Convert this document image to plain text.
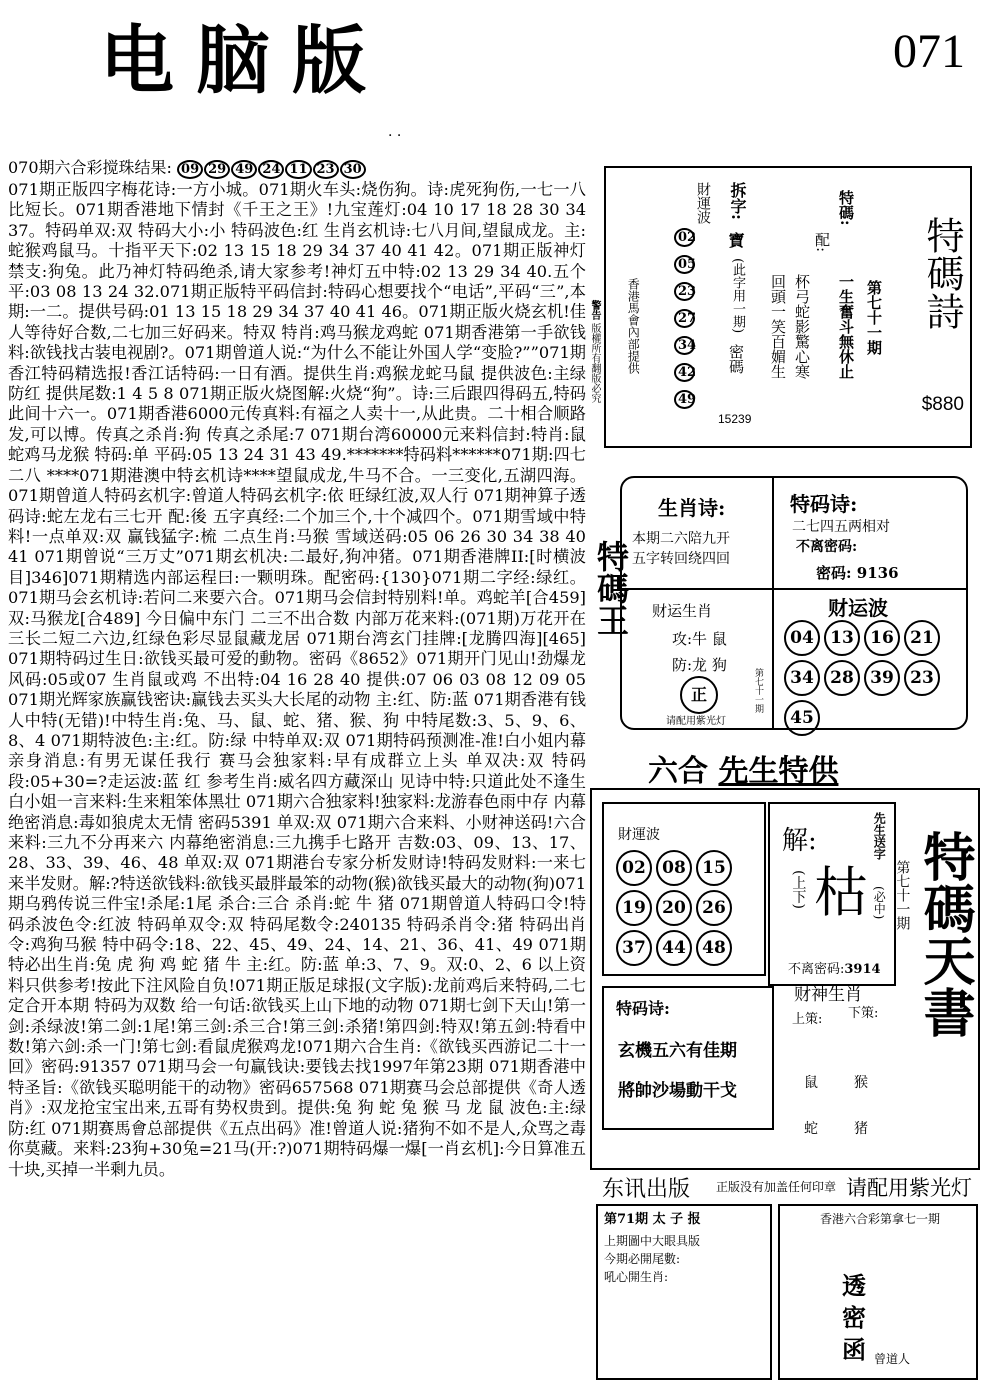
电脑版	071
· ·
070期六合彩搅珠结果: 09 29 49 24 11 23 30

071期正版四字梅花诗:一方小城。071期火车头:烧伤狗。诗:虎死狗伤,一七一八比短长。071期香港地下情封《千王之王》!九宝莲灯:04 10 17 18 28 30 34 37。特码单双:双 特码大小:小 特码波色:红 生肖玄机诗:七八月间,望鼠成龙。主:蛇猴鸡鼠马。十指平天下:02 13 15 18 29 34 37 40 41 42。071期正版神灯禁支:狗兔。此乃神灯特码绝杀,请大家参考!神灯五中特:02 13 29 34 40.五个平:03 08 13 24 32.071期正版特平码信封:特码心想要找个“电话”,平码“三”,本期:一二。提供号码:01 13 15 18 29 34 37 40 41 46。071期正版火烧玄机!佳人等待好合数,二七加三好码来。特双 特肖:鸡马猴龙鸡蛇 071期香港第一手欲钱料:欲钱找古装电视剧?。071期曾道人说:“为什么不能让外国人学“变脸?””071期香江特码精选报!香江话特码:一日有酒。提供生肖:鸡猴龙蛇马鼠 提供波色:主绿防红 提供尾数:1 4 5 8 071期正版火烧图解:火烧“狗”。诗:三后跟四得码五,特码此间十六一。071期香港6000元传真料:有福之人卖十一,从此贵。二十相合顺路发,可以博。传真之杀肖:狗 传真之杀尾:7 071期台湾60000元来料信封:特肖:鼠蛇鸡马龙猴 特码:单 平码:05 13 24 31 43 49.*******特码料******071期:四七二八 ****071期港澳中特玄机诗****望鼠成龙,牛马不合。一三变化,五湖四海。071期曾道人特码玄机字:曾道人特码玄机字:依 旺绿红波,双人行 071期神算子透码诗:蛇左龙右三七开 配:後 五字真经:二个加三个,十个减四个。071期雪域中特料!一点单双:双 赢钱猛字:梳 二点生肖:马猴 雪域送码:05 06 26 30 34 38 40 41 071期曾说“三万丈”071期玄机决:二最好,狗冲猪。071期香港牌II:[时横波目]346]071期精选内部运程曰:一颗明珠。配密码:{130}071期二字经:绿红。071期马会玄机诗:若问二来要六合。071期马会信封特别料!单。鸡蛇羊[合459] 双:马猴龙[合489] 今日偏中东门 二三不出合数 内部万花来料:(071期)万花开在三长二短二六边,红绿色彩尽显鼠藏龙居 071期台湾玄门挂牌:[龙腾四海][465] 071期特码过生日:欲钱买最可爱的動物。密码《8652》071期开门见山!劲爆龙风码:05或07 生肖鼠或鸡 不出特:04 16 28 40 提供:07 06 03 08 12 09 05 071期光辉家族赢钱密诀:赢钱去买头大长尾的动物 主:红、防:蓝 071期香港有钱人中特(无错)!中特生肖:兔、马、鼠、蛇、猪、猴、狗 中特尾数:3、5、9、6、8、4 071期特波色:主:红。防:绿 中特单双:双 071期特码预测准-准!白小姐内幕亲身消息:有男无谋任我行 赛马会独家料:早有成群立上头 单双决:双 特码段:05+30=?走运波:蓝 红 参考生肖:威名四方藏深山 见诗中特:只道此处不逢生 白小姐一言来料:生来粗笨体黑壮 071期六合独家料!独家料:龙游春色雨中存 内幕绝密消息:毒如狼虎太无情 密码5391 单双:双 071期六合来料、小财神送码!六合来料:三九不分再来六 内幕绝密消息:三九携手七路开 吉数:03、09、13、17、28、33、39、46、48 单双:双 071期港台专家分析发财诗!特码发财料:一来七来半发财。解:?特送欲钱料:欲钱买最胖最笨的动物(猴)欲钱买最大的动物(狗)071期乌鸦传说三件宝!杀尾:1尾 杀合:三合 杀肖:蛇 牛 猪 071期曾道人特码口令!特码杀波色令:红波 特码单双令:双 特码尾数令:240135 特码杀肖令:猪 特码出肖令:鸡狗马猴 特中码令:18、22、45、49、24、14、21、36、41、49 071期特必出生肖:兔 虎 狗 鸡 蛇 猪 牛 主:红。防:蓝 单:3、7、9。双:0、2、6 以上资料只供参考!按此下注风险自负!071期正版足球报(文字版):龙前鸡后来特码,二七定合开本期 特码为双数 给一句话:欲钱买上山下地的动物 071期七剑下天山!第一剑:杀绿波!第二剑:1尾!第三剑:杀三合!第三剑:杀猪!第四剑:特双!第五剑:特看中数!第六剑:杀一门!第七剑:看鼠虎猴鸡龙!071期六合生肖:《欲钱买西游记二十一回》密码:91357 071期马会一句赢钱诀:要钱去找1997年第23期 071期香港中特圣旨:《欲钱买聪明能干的动物》密码657568 071期赛马会总部提供《奇人透肖》:双龙抢宝宝出来,五哥有势权贵到。提供:兔 狗 蛇 兔 猴 马 龙 鼠 波色:主:绿 防:红 071期赛馬會总部提供《五点出码》准!曾道人说:猪狗不如不是人,众骂之毒你莫藏。来料:23狗+30兔=21马(开:?)071期特码爆一爆[一肖玄机]:今日算准五十块,买掉一半剩九员。

警告 版權所有翻版必究
特碼詩
$880
第七十一期
特碼:
一生奮斗無休止
配:
杯弓蛇影驚心寒
回頭一笑百媚生
拆字:
寶
(此字用一期)
密碼
15239
財運波
02
05
23
27
34
42
49
香港馬會內部提供
特碼王
生肖诗:
本期二六陪九开
五字转回绕四回
特码诗:
二七四五两相对
不离密码:
密码: 9136
财运生肖
攻:牛 鼠
防:龙 狗
正
请配用紫光灯
第七十一期
财运波
04 13 16 2134 28 39 2345
六合 先生特供
財運波
02 08 1519 20 2637 44 48
解:
(上下) 枯
先生送字
(必中)
不离密码:3914
第七十一期 特碼天書
特码诗:
玄機五六有佳期
將帥沙場動干戈
财神生肖
上策: 下策:
鼠
蛇
猴
猪
东讯出版 正版没有加盖任何印章 请配用紫光灯
第71期 太 子 报
上期圖中大眼具版
今期必開尾數:
吼心開生肖:
香港六合彩第拿七一期
透
密
函 曾道人
